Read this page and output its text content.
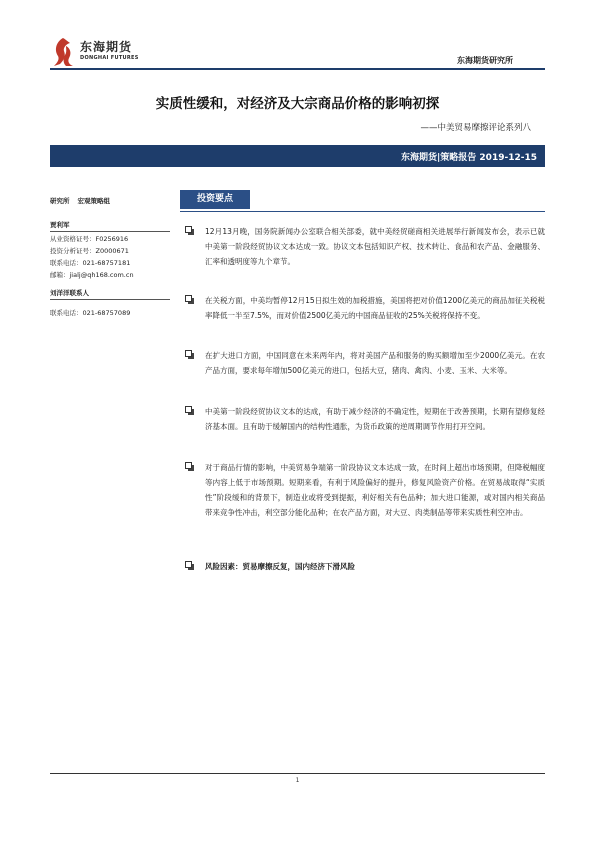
东海期货
DONGHAI FUTURES	东海期货研究所
实质性缓和，对经济及大宗商品价格的影响初探
——中美贸易摩擦评论系列八
东海期货|策略报告 2019-12-15
研究所 宏观策略组
贾利军
从业资格证号：F0256916
投资分析证号：Z0000671
联系电话：021-68757181
邮箱：jialj@qh168.com.cn
刘洋洋联系人
联系电话：021-68757089
投资要点
12月13月晚，国务院新闻办公室联合相关部委，就中美经贸磋商相关进展举行新闻发布会，表示已就中美第一阶段经贸协议文本达成一致。协议文本包括知识产权、技术转让、食品和农产品、金融服务、汇率和透明度等九个章节。
在关税方面，中美均暂停12月15日拟生效的加税措施，美国将把对价值1200亿美元的商品加征关税税率降低一半至7.5%，而对价值2500亿美元的中国商品征收的25%关税将保持不变。
在扩大进口方面，中国同意在未来两年内，将对美国产品和服务的购买额增加至少2000亿美元。在农产品方面，要求每年增加500亿美元的进口，包括大豆，猪肉、禽肉、小麦、玉米、大米等。
中美第一阶段经贸协议文本的达成，有助于减少经济的不确定性，短期在于改善预期，长期有望修复经济基本面。且有助于缓解国内的结构性通胀，为货币政策的逆周期调节作用打开空间。
对于商品行情的影响，中美贸易争端第一阶段协议文本达成一致，在时间上超出市场预期，但降税幅度等内容上低于市场预期。短期来看，有利于风险偏好的提升，修复风险资产价格。在贸易战取得“实质性”阶段缓和的背景下，制造业或将受到提振，利好相关有色品种；加大进口能源，或对国内相关商品带来竞争性冲击，利空部分能化品种；在农产品方面，对大豆、肉类制品等带来实质性利空冲击。
风险因素：贸易摩擦反复，国内经济下滑风险
1
